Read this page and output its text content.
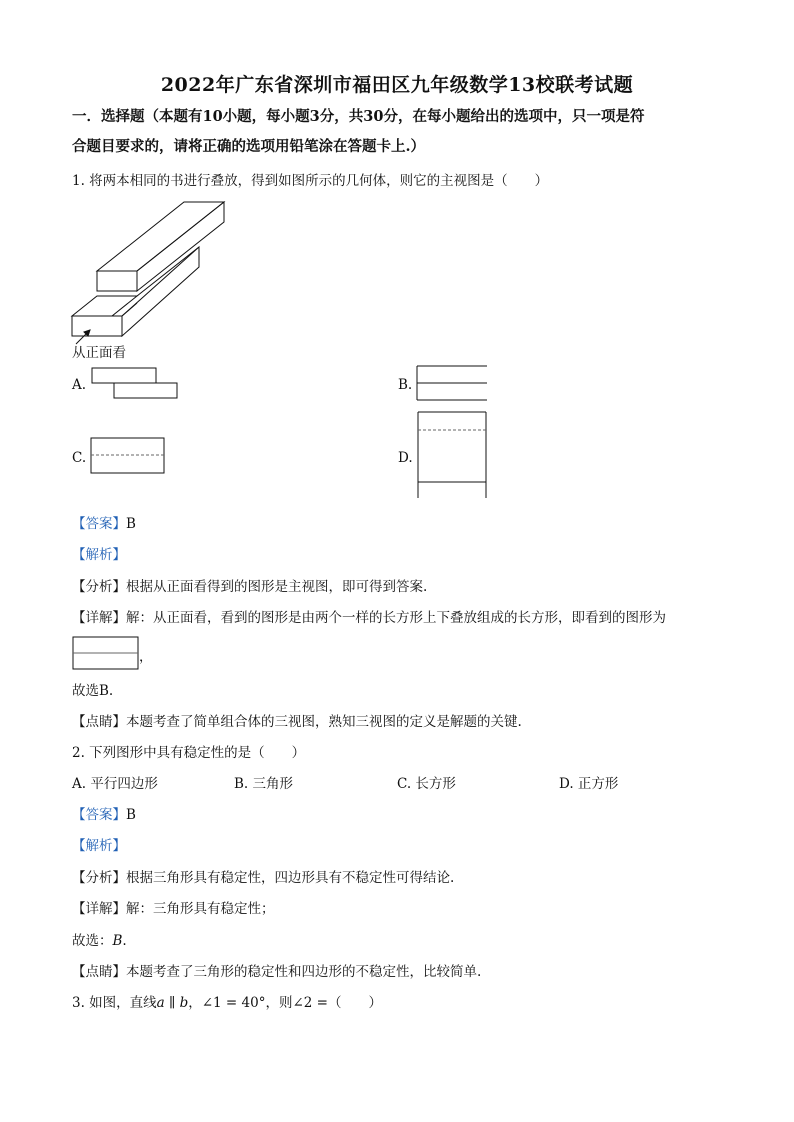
2022年广东省深圳市福田区九年级数学13校联考试题
一．选择题（本题有10小题，每小题3分，共30分，在每小题给出的选项中，只一项是符
合题目要求的，请将正确的选项用铅笔涂在答题卡上.）
1. 将两本相同的书进行叠放，得到如图所示的几何体，则它的主视图是（　　）
从正面看
A.	B.
C.	D.
【答案】B
【解析】
【分析】根据从正面看得到的图形是主视图，即可得到答案.
【详解】解：从正面看，看到的图形是由两个一样的长方形上下叠放组成的长方形，即看到的图形为
，
故选B.
【点睛】本题考查了简单组合体的三视图，熟知三视图的定义是解题的关键.
2. 下列图形中具有稳定性的是（　　）
A. 平行四边形	B. 三角形	C. 长方形	D. 正方形
【答案】B
【解析】
【分析】根据三角形具有稳定性，四边形具有不稳定性可得结论.
【详解】解：三角形具有稳定性；
故选：B.
【点睛】本题考查了三角形的稳定性和四边形的不稳定性，比较简单.
3. 如图，直线a ∥ b，∠1 = 40°，则∠2 =（　　）
